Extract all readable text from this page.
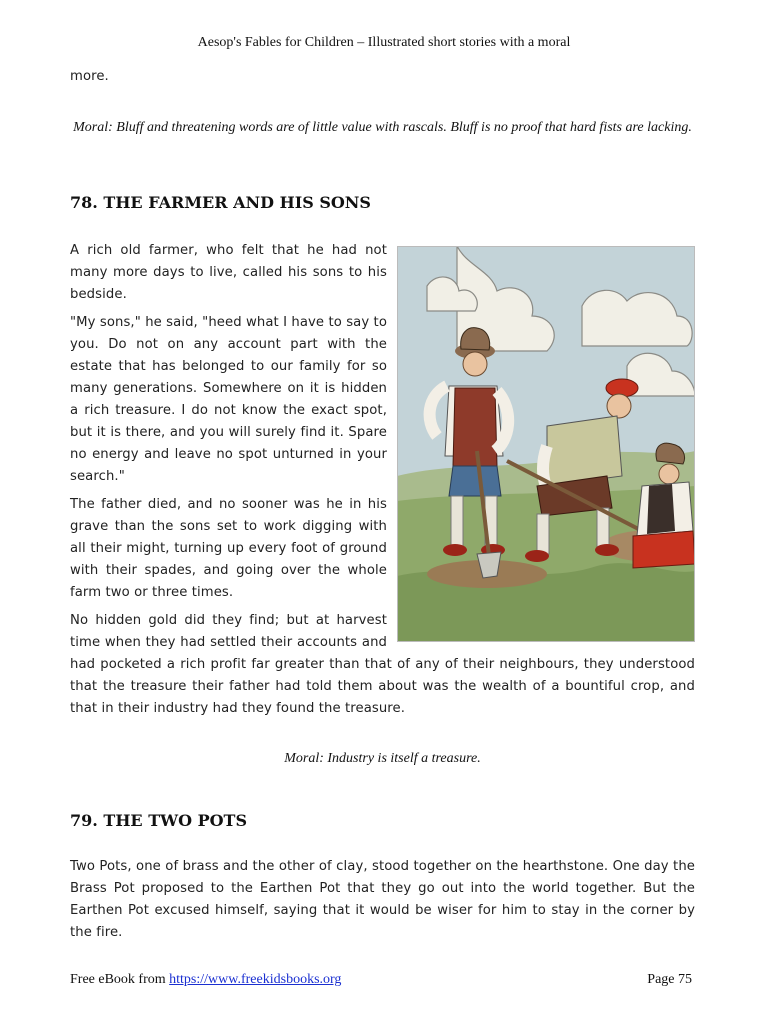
Aesop's Fables for Children – Illustrated short stories with a moral
more.
Moral: Bluff and threatening words are of little value with rascals. Bluff is no proof that hard fists are lacking.
78. THE FARMER AND HIS SONS

A rich old farmer, who felt that he had not many more days to live, called his sons to his bedside.

"My sons," he said, "heed what I have to say to you. Do not on any account part with the estate that has belonged to our family for so many generations. Somewhere on it is hidden a rich treasure. I do not know the exact spot, but it is there, and you will surely find it. Spare no energy and leave no spot unturned in your search."

The father died, and no sooner was he in his grave than the sons set to work digging with all their might, turning up every foot of ground with their spades, and going over the whole farm two or three times.

No hidden gold did they find; but at harvest time when they had settled their accounts and had pocketed a rich profit far greater than that of any of their neighbours, they understood that the treasure their father had told them about was the wealth of a bountiful crop, and that in their industry had they found the treasure.

Moral: Industry is itself a treasure.
79. THE TWO POTS

Two Pots, one of brass and the other of clay, stood together on the hearthstone. One day the Brass Pot proposed to the Earthen Pot that they go out into the world together. But the Earthen Pot excused himself, saying that it would be wiser for him to stay in the corner by the fire.

Free eBook from https://www.freekidsbooks.org	Page 75
